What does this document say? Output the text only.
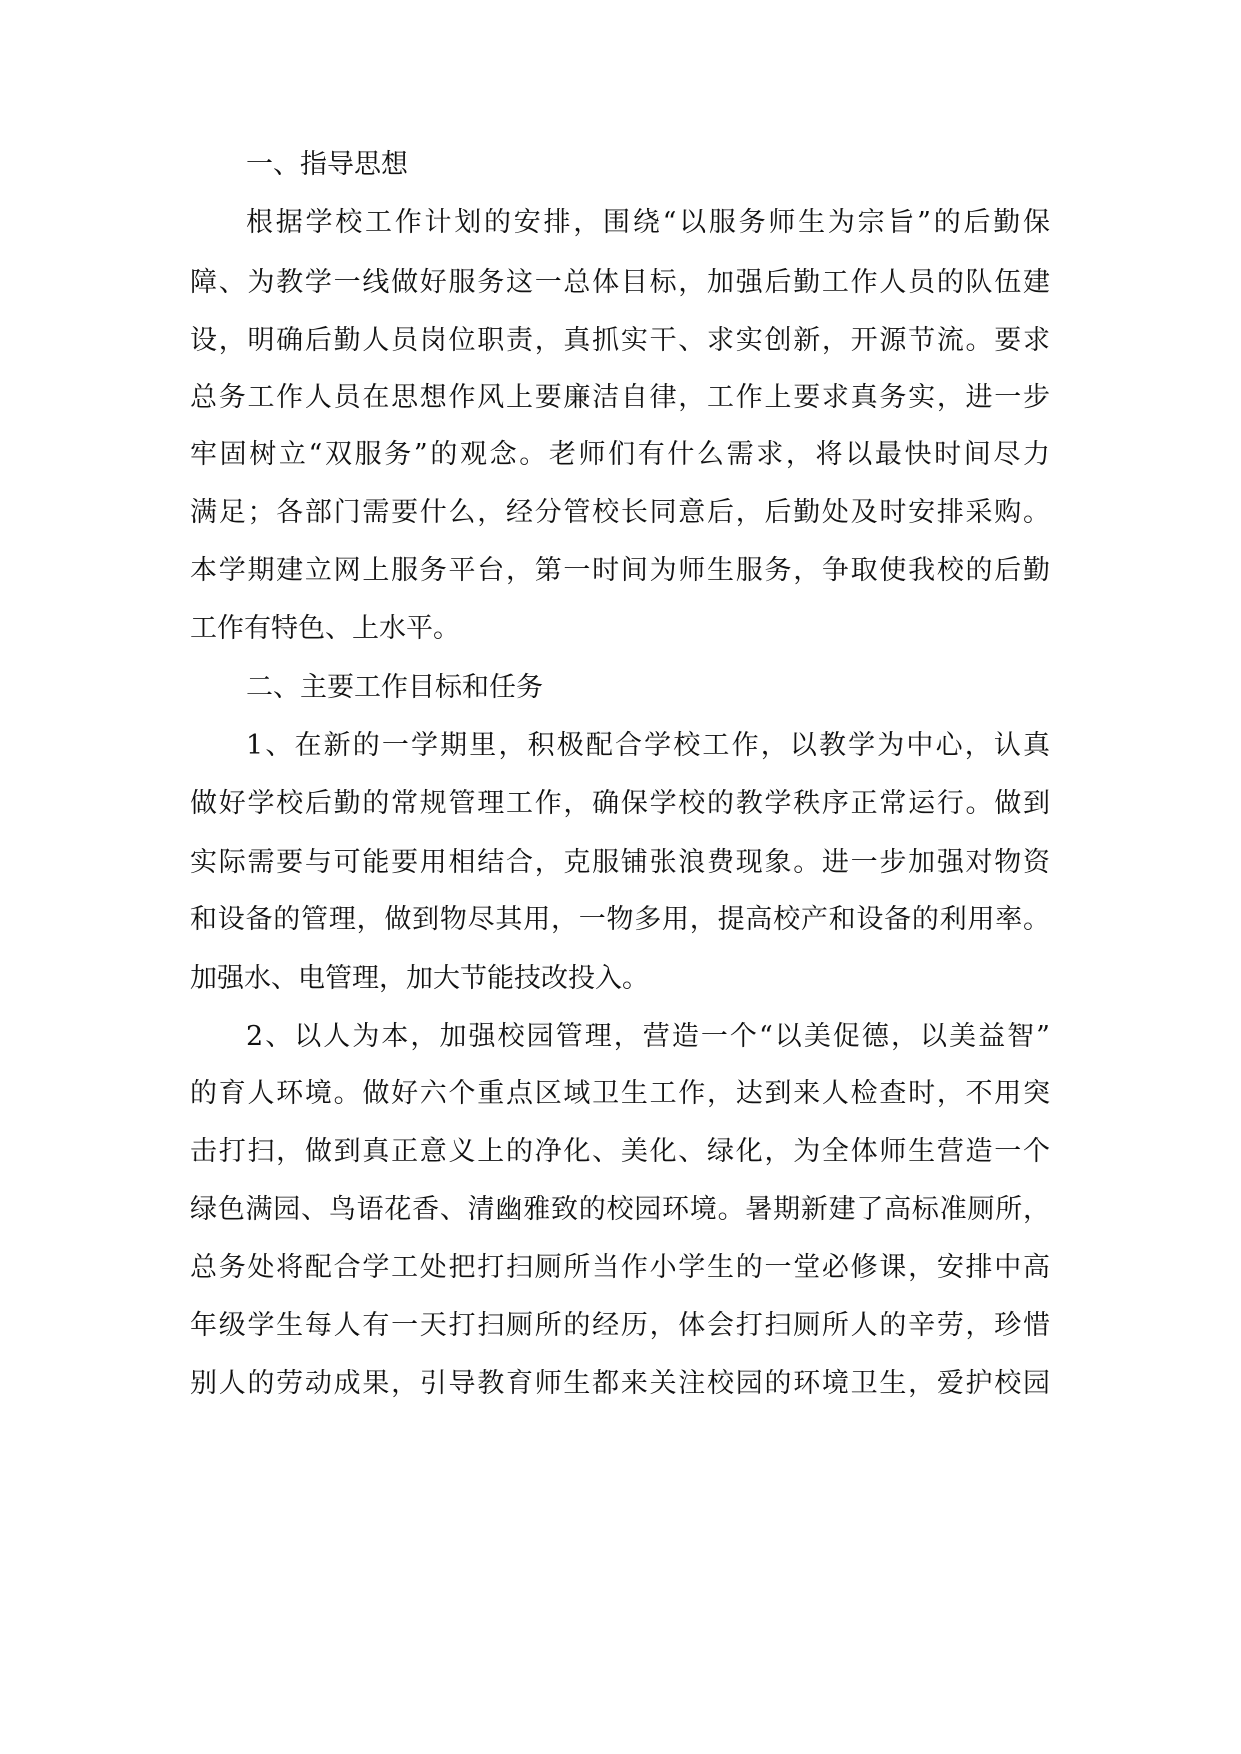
一、指导思想
根据学校工作计划的安排，围绕“以服务师生为宗旨”的后勤保
障、为教学一线做好服务这一总体目标，加强后勤工作人员的队伍建
设，明确后勤人员岗位职责，真抓实干、求实创新，开源节流。要求
总务工作人员在思想作风上要廉洁自律，工作上要求真务实，进一步
牢固树立“双服务”的观念。老师们有什么需求，将以最快时间尽力
满足；各部门需要什么，经分管校长同意后，后勤处及时安排采购。
本学期建立网上服务平台，第一时间为师生服务，争取使我校的后勤
工作有特色、上水平。
二、主要工作目标和任务
1、在新的一学期里，积极配合学校工作，以教学为中心，认真
做好学校后勤的常规管理工作，确保学校的教学秩序正常运行。做到
实际需要与可能要用相结合，克服铺张浪费现象。进一步加强对物资
和设备的管理，做到物尽其用，一物多用，提高校产和设备的利用率。
加强水、电管理，加大节能技改投入。
2、以人为本，加强校园管理，营造一个“以美促德，以美益智”
的育人环境。做好六个重点区域卫生工作，达到来人检查时，不用突
击打扫，做到真正意义上的净化、美化、绿化，为全体师生营造一个
绿色满园、鸟语花香、清幽雅致的校园环境。暑期新建了高标准厕所，
总务处将配合学工处把打扫厕所当作小学生的一堂必修课，安排中高
年级学生每人有一天打扫厕所的经历，体会打扫厕所人的辛劳，珍惜
别人的劳动成果，引导教育师生都来关注校园的环境卫生，爱护校园
